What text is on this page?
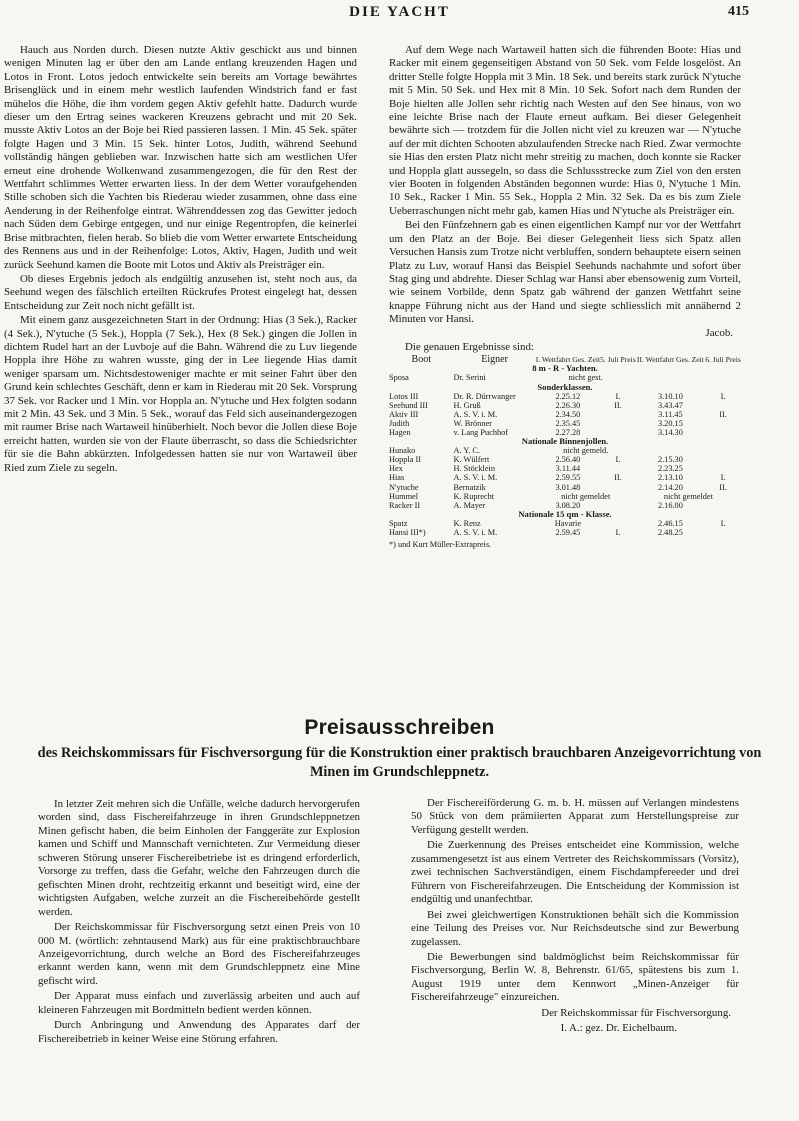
DIE YACHT	415

Hauch aus Norden durch. Diesen nutzte Aktiv geschickt aus und binnen wenigen Minuten lag er über den am Lande entlang kreuzenden Hagen und Lotos in Front. Lotos jedoch entwickelte sein bereits am Vortage bewährtes Brisenglück und in einem mehr westlich laufenden Windstrich fand er fast mühelos die Höhe, die ihm vordem gegen Aktiv gefehlt hatte. Dadurch wurde dieser um den Ertrag seines wackeren Kreuzens gebracht und mit 20 Sek. musste Aktiv Lotos an der Boje bei Ried passieren lassen. 1 Min. 45 Sek. später folgte Hagen und 3 Min. 15 Sek. hinter Lotos, Judith, während Seehund vollständig hängen geblieben war. Inzwischen hatte sich am westlichen Ufer erneut eine drohende Wolkenwand zusammengezogen, die für den Rest der Wettfahrt schlimmes Wetter erwarten liess. In der dem Wetter voraufgehenden Stille schoben sich die Yachten bis Riederau wieder zusammen, ohne dass eine Aenderung in der Reihenfolge eintrat. Währenddessen zog das Gewitter jedoch nach Süden dem Gebirge entgegen, und nur einige Regentropfen, die keinerlei Brise mitbrachten, fielen herab. So blieb die vom Wetter erwartete Entscheidung des Rennens aus und in der Reihenfolge: Lotos, Aktiv, Hagen, Judith und weit zurück Seehund kamen die Boote mit Lotos und Aktiv als Preisträger ein.

Ob dieses Ergebnis jedoch als endgültig anzusehen ist, steht noch aus, da Seehund wegen des fälschlich erteilten Rückrufes Protest eingelegt hat, dessen Entscheidung zur Zeit noch nicht gefällt ist.

Mit einem ganz ausgezeichneten Start in der Ordnung: Hias (3 Sek.), Racker (4 Sek.), N'ytuche (5 Sek.), Hoppla (7 Sek.), Hex (8 Sek.) gingen die Jollen in dichtem Rudel hart an der Luvboje auf die Bahn. Während die zu Luv liegende Hoppla ihre Höhe zu wahren wusste, ging der in Lee liegende Hias damit weniger sparsam um. Nichtsdestoweniger machte er mit seiner Fahrt über den Grund kein schlechtes Geschäft, denn er kam in Riederau mit 20 Sek. Vorsprung 37 Sek. vor Racker und 1 Min. vor Hoppla an. N'ytuche und Hex folgten sodann mit 2 Min. 43 Sek. und 3 Min. 5 Sek., worauf das Feld sich auseinandergezogen mit raumer Brise nach Wartaweil hinüberhielt. Noch bevor die Jollen diese Boje erreicht hatten, wurden sie von der Flaute überrascht, so dass die Schiedsrichter für sie die Bahn abkürzten. Infolgedessen hatten sie nur von Wartaweil über Ried zum Ziele zu segeln.

Auf dem Wege nach Wartaweil hatten sich die führenden Boote: Hias und Racker mit einem gegenseitigen Abstand von 50 Sek. vom Felde losgelöst. An dritter Stelle folgte Hoppla mit 3 Min. 18 Sek. und bereits stark zurück N'ytuche mit 5 Min. 50 Sek. und Hex mit 8 Min. 10 Sek. Sofort nach dem Runden der Boje hielten alle Jollen sehr richtig nach Westen auf den See hinaus, von wo eine leichte Brise nach der Flaute erneut aufkam. Bei dieser Gelegenheit bewährte sich — trotzdem für die Jollen nicht viel zu kreuzen war — N'ytuche auf der mit dichten Schooten abzulaufenden Strecke nach Ried. Zwar vermochte sie Hias den ersten Platz nicht mehr streitig zu machen, doch konnte sie Racker und Hoppla glatt aussegeln, so dass die Schlussstrecke zum Ziel von den ersten vier Booten in folgenden Abständen begonnen wurde: Hias 0, N'ytuche 1 Min. 10 Sek., Racker 1 Min. 55 Sek., Hoppla 2 Min. 32 Sek. Da es bis zum Ziele Ueberraschungen nicht mehr gab, kamen Hias und N'ytuche als Preisträger ein.

Bei den Fünfzehnern gab es einen eigentlichen Kampf nur vor der Wettfahrt um den Platz an der Boje. Bei dieser Gelegenheit liess sich Spatz allen Versuchen Hansis zum Trotze nicht verbluffen, sondern behauptete eisern seinen Platz zu Luv, worauf Hansi das Beispiel Seehunds nachahmte und sofort über Stag ging und abdrehte. Dieser Schlag war Hansi aber ebensowenig zum Vorteil, wie seinem Vorbilde, denn Spatz gab während der ganzen Wettfahrt seine knappe Führung nicht aus der Hand und siegte schliesslich mit annähernd 2 Minuten vor Hansi.

Jacob.
Die genauen Ergebnisse sind:
Boot	Eigner	I. Wettfahrt Ges. Zeit	5. Juli Preis	II. Wettfahrt Ges. Zeit	6. Juli Preis
8 m - R - Yachten.					
Sposa	Dr. Serini	nicht gest.			
Sonderklassen.					
Lotos III	Dr. R. Dürrwanger	2.25.12	I.	3.10.10	I.
Seehund III	H. Gruß	2.26.30	II.	3.43.47	
Aktiv III	A. S. V. i. M.	2.34.50		3.11.45	II.
Judith	W. Brönner	2.35.45		3.20.15	
Hagen	v. Lang Puchhof	2.27.28		3.14.30	
Nationale Binnenjollen.					
Hunako	A. Y. C.	nicht gemeld.			
Hoppla II	K. Wülfert	2.56.40	I.	2.15.30	
Hex	H. Stöcklein	3.11.44		2.23.25	
Hias	A. S. V. i. M.	2.59.55	II.	2.13.10	I.
N'ytuche	Bernatzik	3.01.48		2.14.20	II.
Hummel	K. Ruprecht	nicht gemeldet		nicht gemeldet	
Racker II	A. Mayer	3.08.20		2.16.00	
Nationale 15 qm - Klasse.					
Spatz	K. Renz	Havarie		2.46.15	I.
Hansi III*)	A. S. V. i. M.	2.59.45	I.	2.48.25	
*) und Kurt Müller-Extrapreis.
Preisausschreiben
des Reichskommissars für Fischversorgung für die Konstruktion einer praktisch brauchbaren Anzeigevorrichtung von Minen im Grundschleppnetz.

In letzter Zeit mehren sich die Unfälle, welche dadurch hervorgerufen worden sind, dass Fischereifahrzeuge in ihren Grundschleppnetzen Minen gefischt haben, die beim Einholen der Fanggeräte zur Explosion kamen und Schiff und Mannschaft vernichteten. Zur Vermeidung dieser schweren Störung unserer Fischereibetriebe ist es dringend erforderlich, Vorsorge zu treffen, dass die Gefahr, welche den Fahrzeugen durch die gefischten Minen droht, rechtzeitig erkannt und beseitigt wird, eine der wichtigsten Aufgaben, welche zurzeit an die Fischereibehörde gestellt werden.

Der Reichskommissar für Fischversorgung setzt einen Preis von 10 000 M. (wörtlich: zehntausend Mark) aus für eine praktischbrauchbare Anzeigevorrichtung, durch welche an Bord des Fischereifahrzeuges erkannt werden kann, wenn mit dem Grundschleppnetz eine Mine gefischt wird.

Der Apparat muss einfach und zuverlässig arbeiten und auch auf kleineren Fahrzeugen mit Bordmitteln bedient werden können.

Durch Anbringung und Anwendung des Apparates darf der Fischereibetrieb in keiner Weise eine Störung erfahren.

Der Fischereiförderung G. m. b. H. müssen auf Verlangen mindestens 50 Stück von dem prämiierten Apparat zum Herstellungspreise zur Verfügung gestellt werden.

Die Zuerkennung des Preises entscheidet eine Kommission, welche zusammengesetzt ist aus einem Vertreter des Reichskommissars (Vorsitz), zwei technischen Sachverständigen, einem Fischdampfereeder und drei Führern von Fischereifahrzeugen. Die Entscheidung der Kommission ist endgültig und unanfechtbar.

Bei zwei gleichwertigen Konstruktionen behält sich die Kommission eine Teilung des Preises vor. Nur Reichsdeutsche sind zur Bewerbung zugelassen.

Die Bewerbungen sind baldmöglichst beim Reichskommissar für Fischversorgung, Berlin W. 8, Behrenstr. 61/65, spätestens bis zum 1. August 1919 unter dem Kennwort „Minen-Anzeiger für Fischereifahrzeuge" einzureichen.

Der Reichskommissar für Fischversorgung.

I. A.: gez. Dr. Eichelbaum.
